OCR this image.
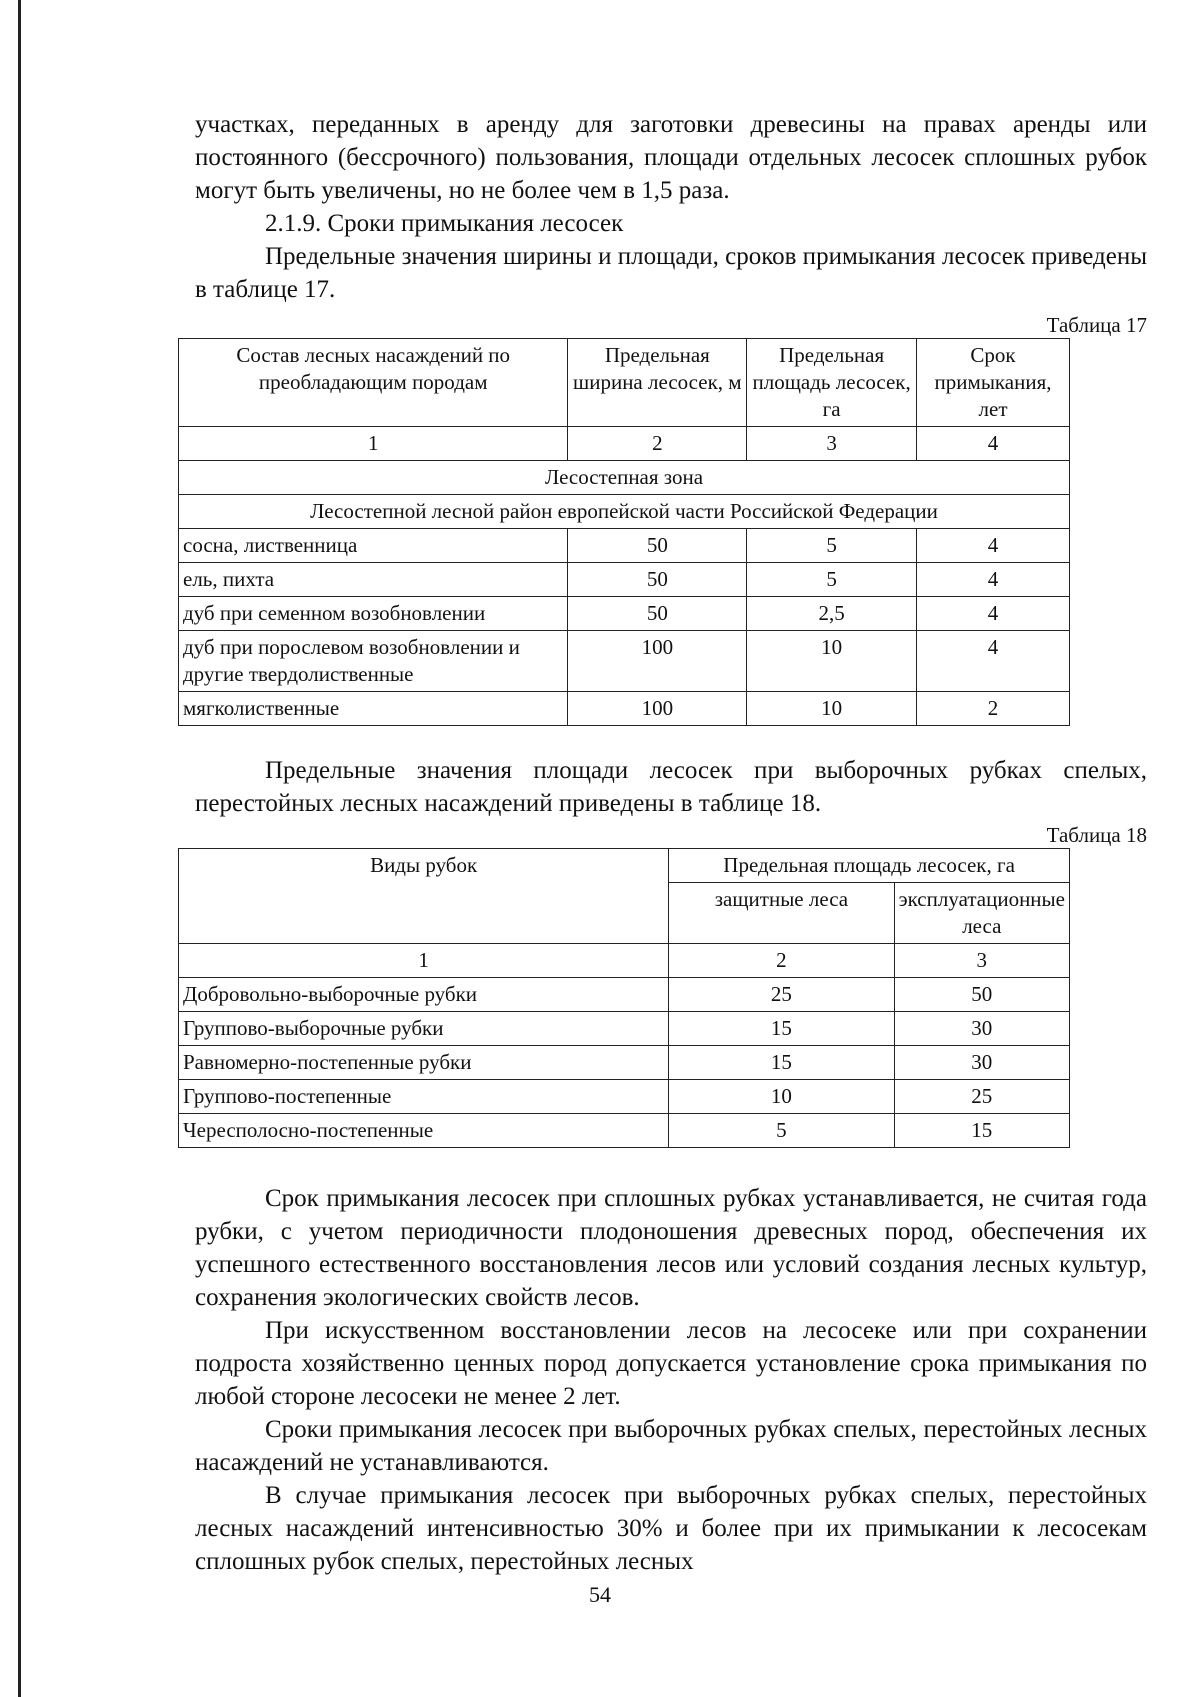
участках, переданных в аренду для заготовки древесины на правах аренды или постоянного (бессрочного) пользования, площади отдельных лесосек сплошных рубок могут быть увеличены, но не более чем в 1,5 раза.

2.1.9. Сроки примыкания лесосек

Предельные значения ширины и площади, сроков примыкания лесосек приведены в таблице 17.

Таблица 17
Состав лесных насаждений по преобладающим породам	Предельная ширина лесосек, м	Предельная площадь лесосек, га	Срок примыкания, лет
1	2	3	4
Лесостепная зона			
Лесостепной лесной район европейской части Российской Федерации			
сосна, лиственница	50	5	4
ель, пихта	50	5	4
дуб при семенном возобновлении	50	2,5	4
дуб при порослевом возобновлении и другие твердолиственные	100	10	4
мягколиственные	100	10	2

Предельные значения площади лесосек при выборочных рубках спелых, перестойных лесных насаждений приведены в таблице 18.

Таблица 18
Виды рубок	Предельная площадь лесосек, га	
	защитные леса	эксплуатационные леса
1	2	3
Добровольно-выборочные рубки	25	50
Группово-выборочные рубки	15	30
Равномерно-постепенные рубки	15	30
Группово-постепенные	10	25
Чересполосно-постепенные	5	15

Срок примыкания лесосек при сплошных рубках устанавливается, не считая года рубки, с учетом периодичности плодоношения древесных пород, обеспечения их успешного естественного восстановления лесов или условий создания лесных культур, сохранения экологических свойств лесов.

При искусственном восстановлении лесов на лесосеке или при сохранении подроста хозяйственно ценных пород допускается установление срока примыкания по любой стороне лесосеки не менее 2 лет.

Сроки примыкания лесосек при выборочных рубках спелых, перестойных лесных насаждений не устанавливаются.

В случае примыкания лесосек при выборочных рубках спелых, перестойных лесных насаждений интенсивностью 30% и более при их примыкании к лесосекам сплошных рубок спелых, перестойных лесных

54
